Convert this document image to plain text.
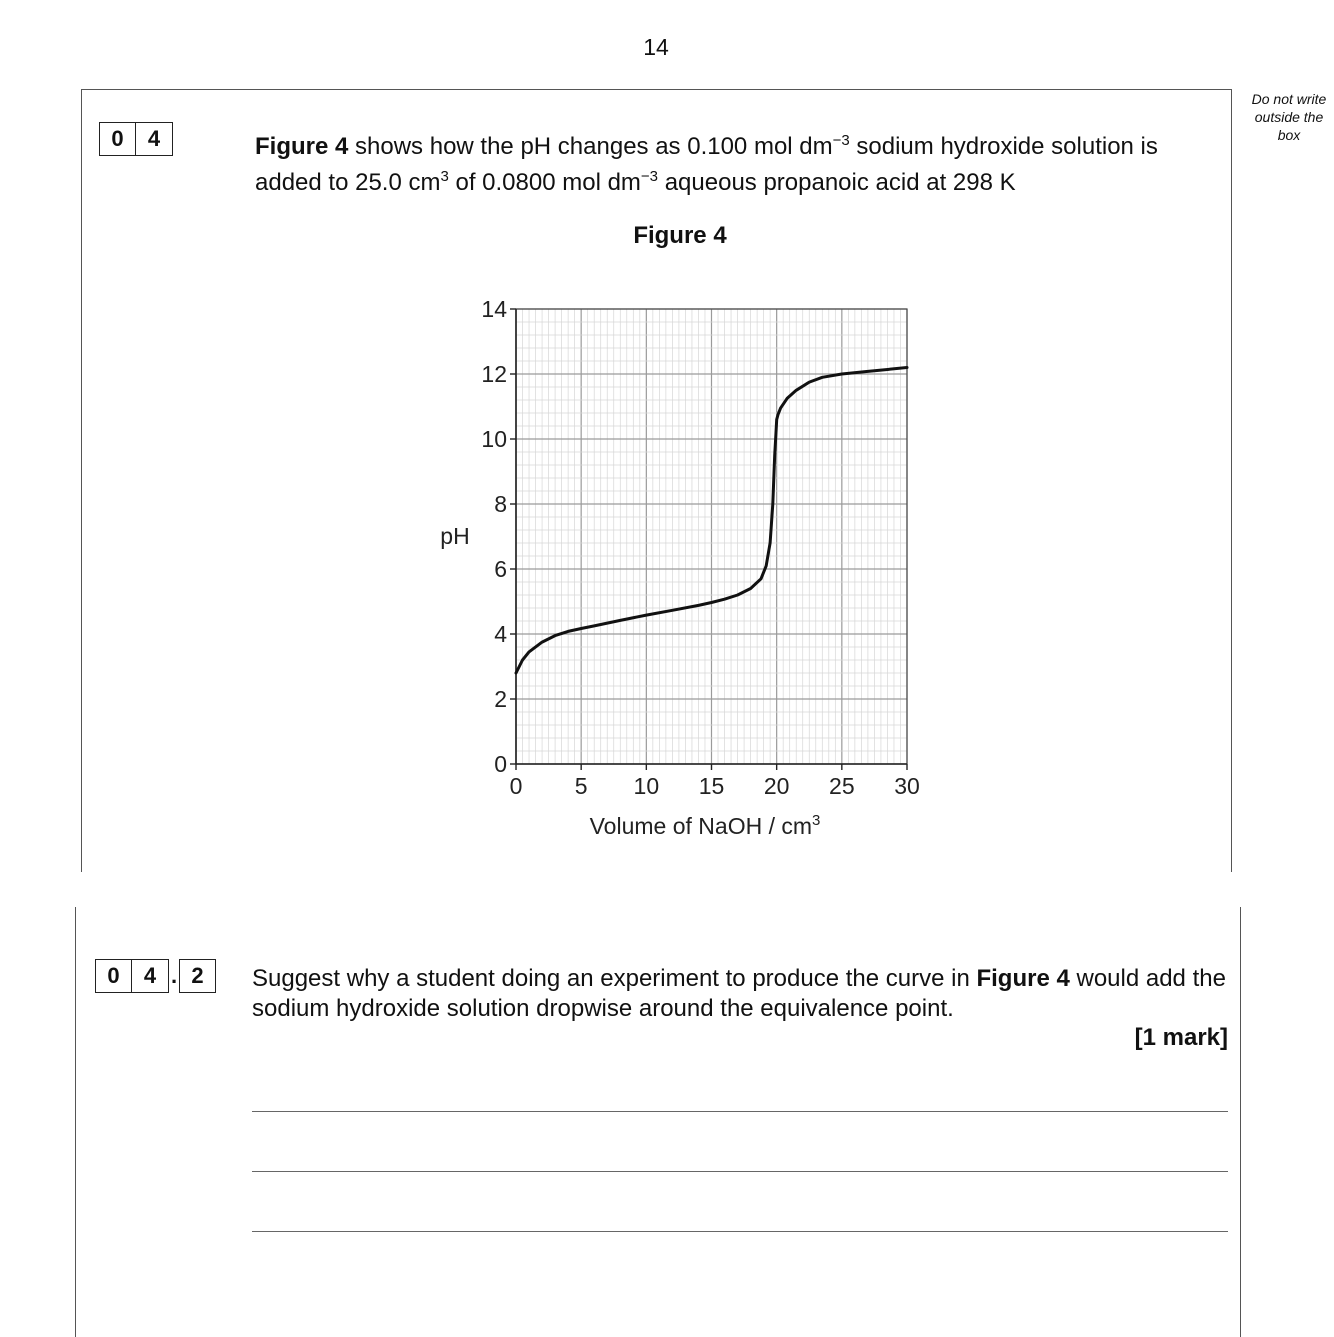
14
Do not write outside the box
0	4	Figure 4 shows how the pH changes as 0.100 mol $dm^{-3}$ sodium hydroxide solution is added to 25.0 $cm^3$ of 0.0800 mol $dm^{-3}$ aqueous propanoic acid at 298 K
Figure 4
0 5 10 15 20 25 30
0
2
4
6
8
10
12
14
pH
Volume of NaOH / $cm^3$
0	4 . 2	Suggest why a student doing an experiment to produce the curve in Figure 4 would add the sodium hydroxide solution dropwise around the equivalence point.
[1 mark]
